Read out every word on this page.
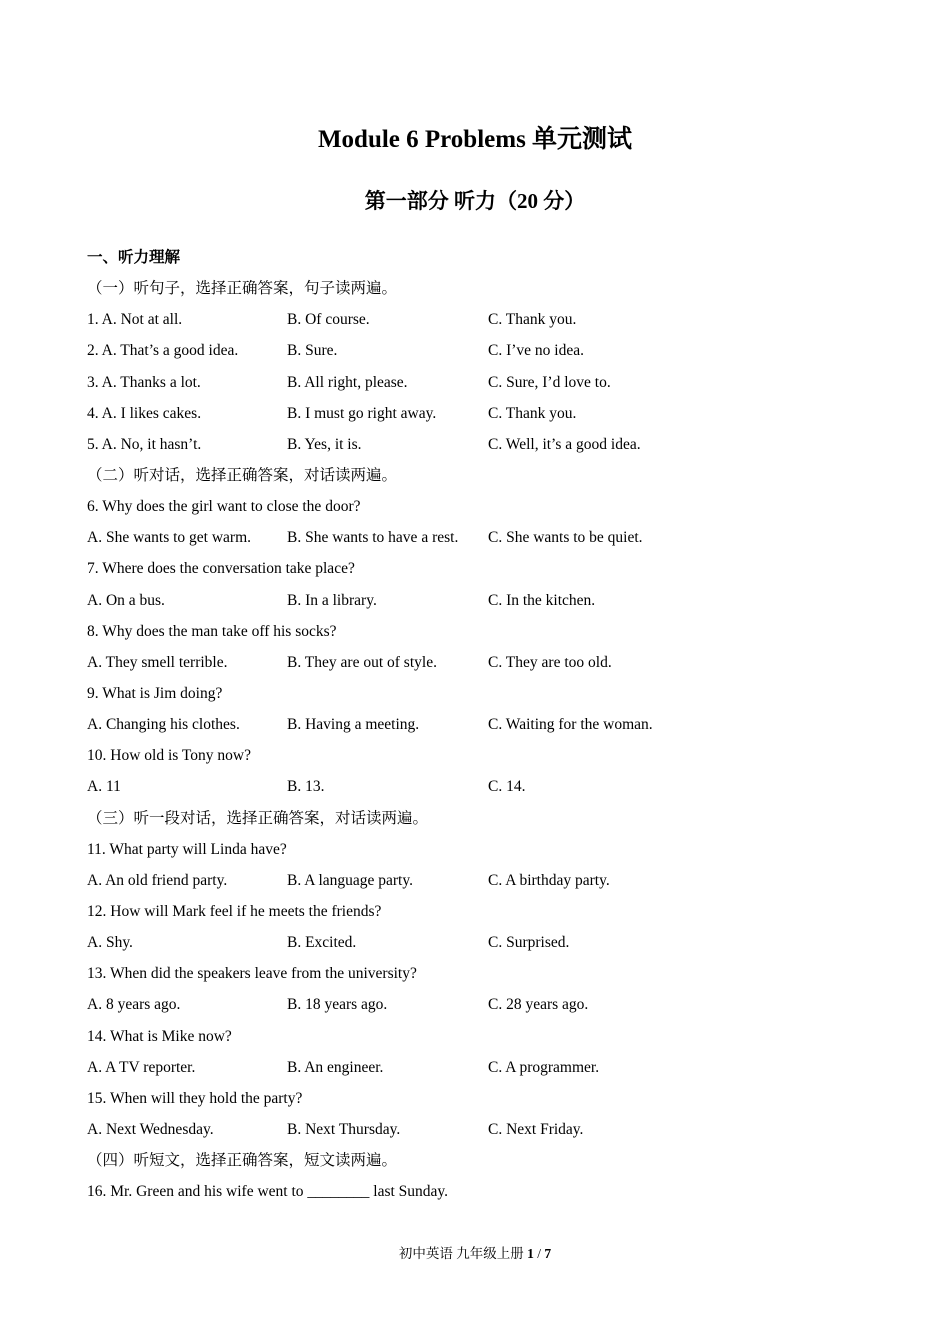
Module 6 Problems 单元测试
第一部分 听力（20 分）
一、听力理解
（一）听句子，选择正确答案，句子读两遍。
1. A. Not at all.	B. Of course.	C. Thank you.
2. A. That’s a good idea.	B. Sure.	C. I’ve no idea.
3. A. Thanks a lot.	B. All right, please.	C. Sure, I’d love to.
4. A. I likes cakes.	B. I must go right away.	C. Thank you.
5. A. No, it hasn’t.	B. Yes, it is.	C. Well, it’s a good idea.
（二）听对话，选择正确答案，对话读两遍。
6. Why does the girl want to close the door?
A. She wants to get warm. B. She wants to have a rest. C. She wants to be quiet.
7. Where does the conversation take place?
A. On a bus.	B. In a library.	C. In the kitchen.
8. Why does the man take off his socks?
A. They smell terrible.	B. They are out of style.	C. They are too old.
9. What is Jim doing?
A. Changing his clothes.	B. Having a meeting.	C. Waiting for the woman.
10. How old is Tony now?
A. 11	B. 13.	C. 14.
（三）听一段对话，选择正确答案，对话读两遍。
11. What party will Linda have?
A. An old friend party.	B. A language party.	C. A birthday party.
12. How will Mark feel if he meets the friends?
A. Shy.	B. Excited.	C. Surprised.
13. When did the speakers leave from the university?
A. 8 years ago.	B. 18 years ago.	C. 28 years ago.
14. What is Mike now?
A. A TV reporter.	B. An engineer.	C. A programmer.
15. When will they hold the party?
A. Next Wednesday.	B. Next Thursday.	C. Next Friday.
（四）听短文，选择正确答案，短文读两遍。
16. Mr. Green and his wife went to ________ last Sunday.
初中英语 九年级上册 1 / 7
